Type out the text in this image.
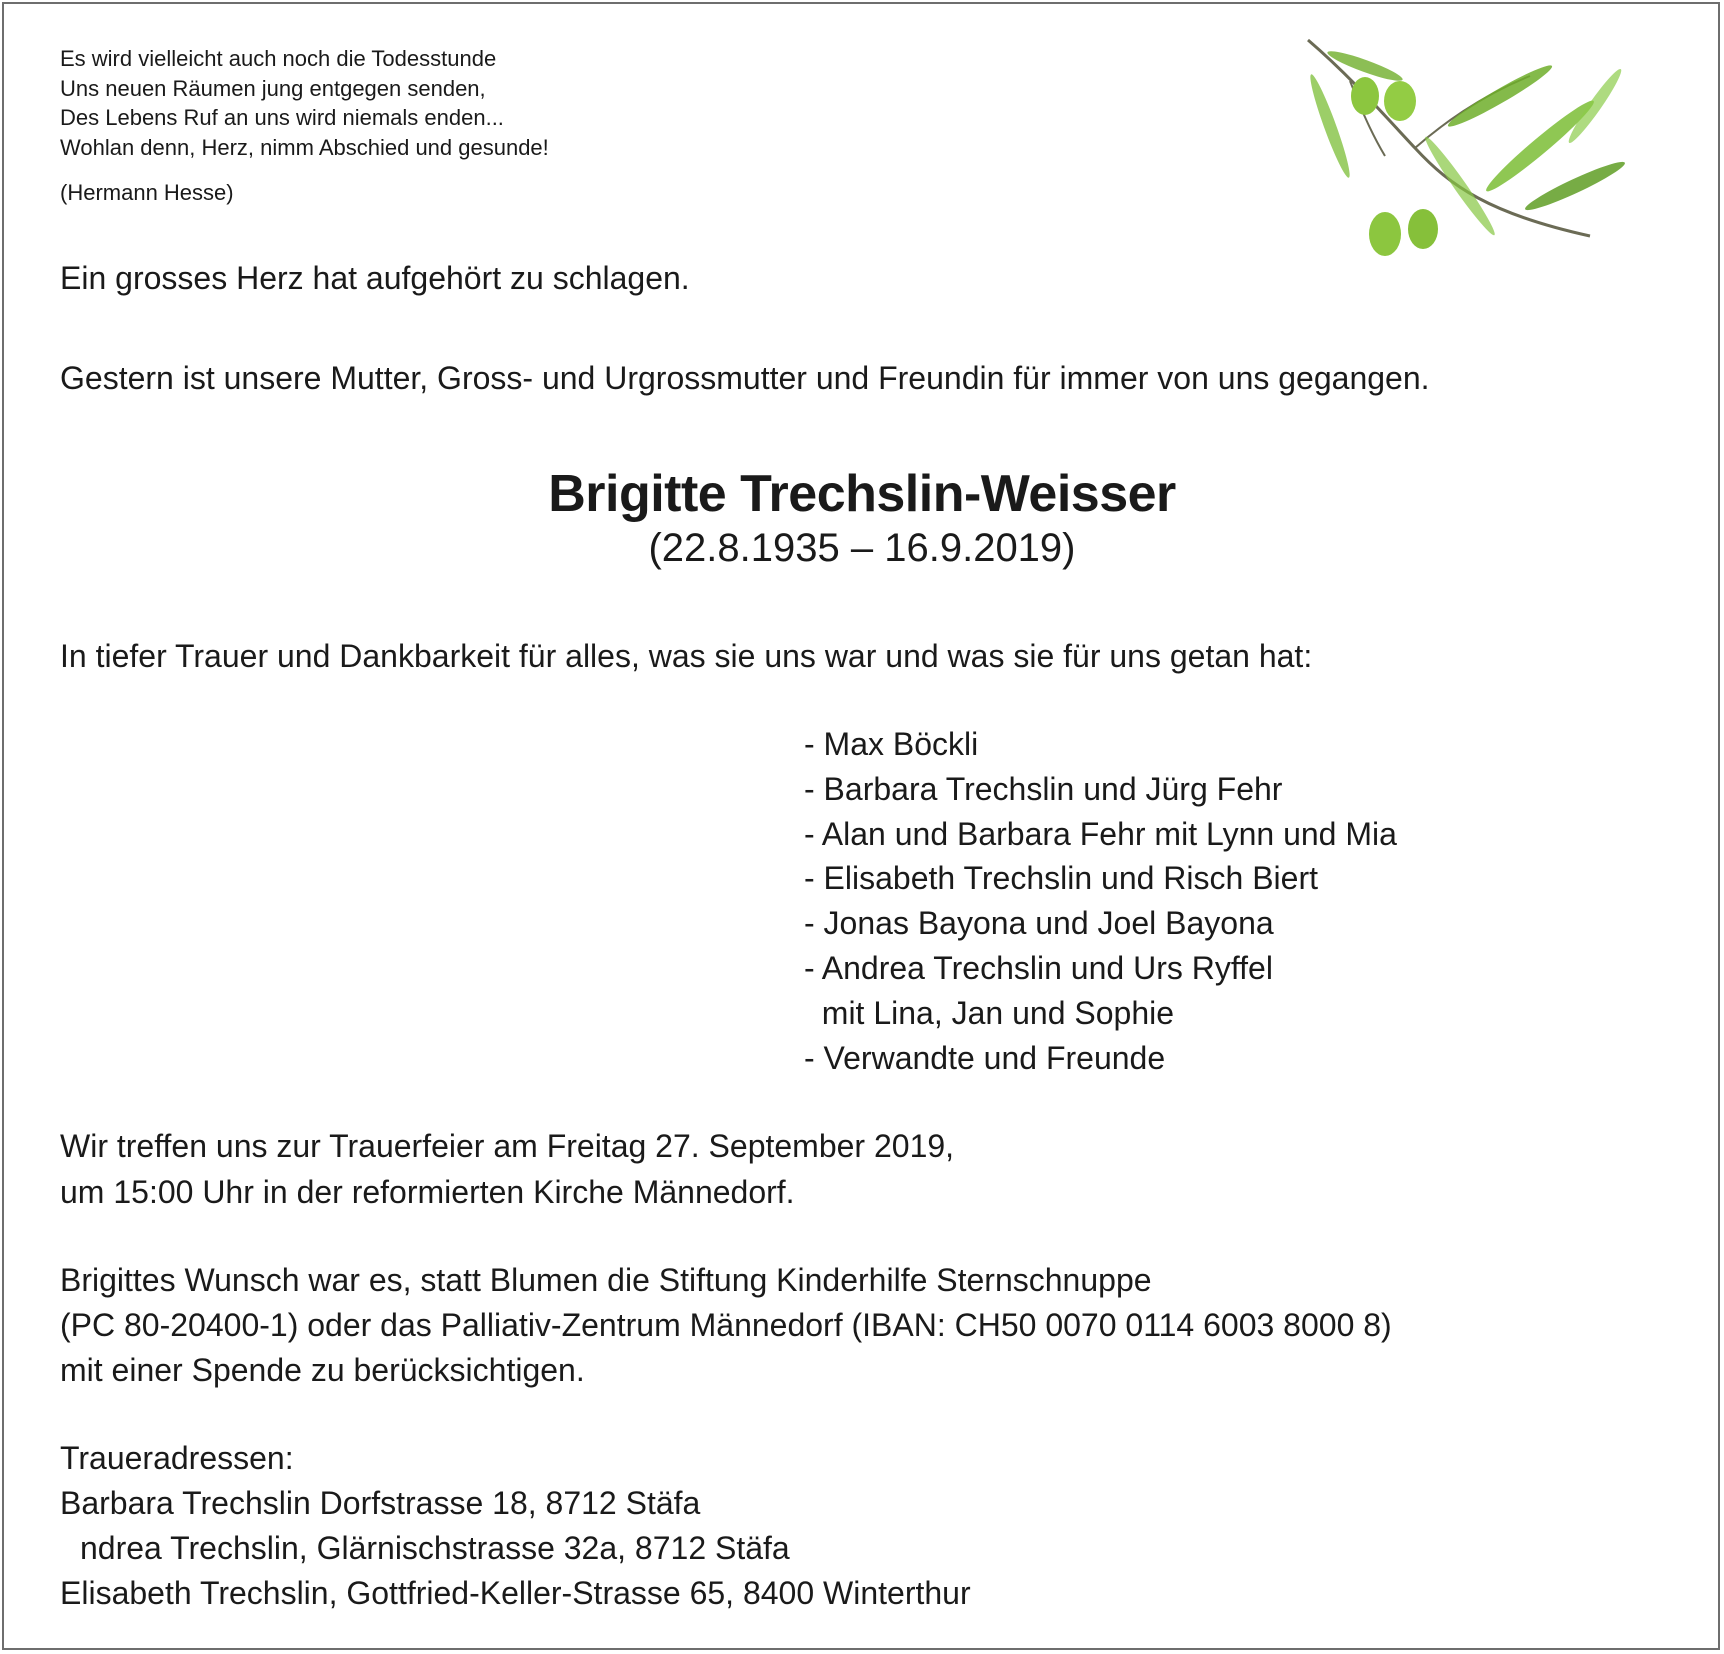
Es wird vielleicht auch noch die Todesstunde
Uns neuen Räumen jung entgegen senden,
Des Lebens Ruf an uns wird niemals enden...
Wohlan denn, Herz, nimm Abschied und gesunde!
(Hermann Hesse)
Ein grosses Herz hat aufgehört zu schlagen.
Gestern ist unsere Mutter, Gross- und Urgrossmutter und Freundin für immer von uns gegangen.
Brigitte Trechslin-Weisser
(22.8.1935 – 16.9.2019)
In tiefer Trauer und Dankbarkeit für alles, was sie uns war und was sie für uns getan hat:
- Max Böckli
- Barbara Trechslin und Jürg Fehr
- Alan und Barbara Fehr mit Lynn und Mia
- Elisabeth Trechslin und Risch Biert
- Jonas Bayona und Joel Bayona
- Andrea Trechslin und Urs Ryffel
mit Lina, Jan und Sophie
- Verwandte und Freunde
Wir treffen uns zur Trauerfeier am Freitag 27. September 2019,
um 15:00 Uhr in der reformierten Kirche Männedorf.
Brigittes Wunsch war es, statt Blumen die Stiftung Kinderhilfe Sternschnuppe
(PC 80-20400-1) oder das Palliativ-Zentrum Männedorf (IBAN: CH50 0070 0114 6003 8000 8)
mit einer Spende zu berücksichtigen.
Traueradressen:
Barbara Trechslin Dorfstrasse 18, 8712 Stäfa
ndrea Trechslin, Glärnischstrasse 32a, 8712 Stäfa
Elisabeth Trechslin, Gottfried-Keller-Strasse 65, 8400 Winterthur
